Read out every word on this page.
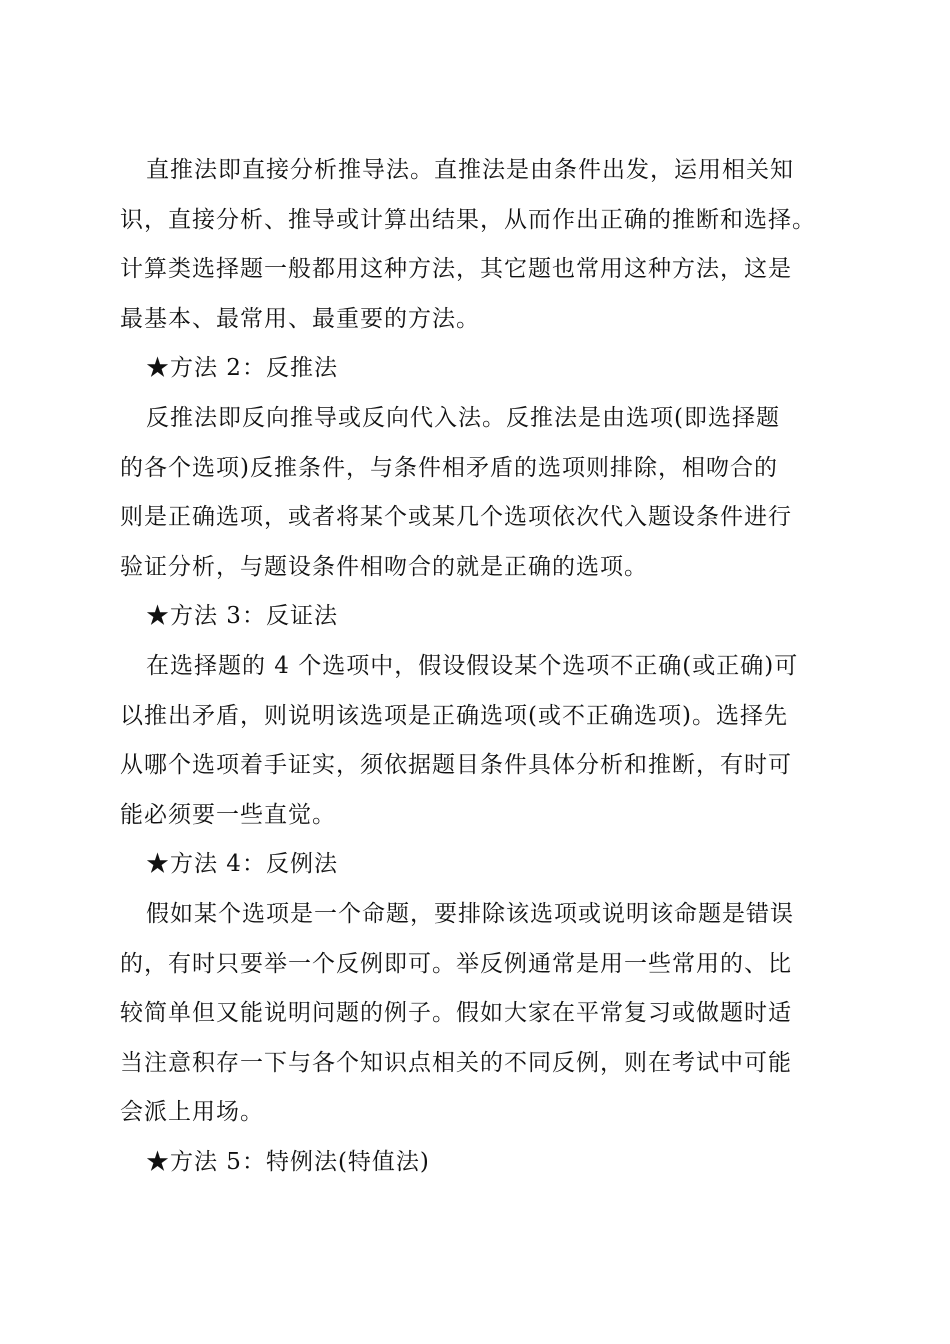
直推法即直接分析推导法。直推法是由条件出发，运用相关知
识，直接分析、推导或计算出结果，从而作出正确的推断和选择。
计算类选择题一般都用这种方法，其它题也常用这种方法，这是
最基本、最常用、最重要的方法。
★方法 2：反推法
反推法即反向推导或反向代入法。反推法是由选项(即选择题
的各个选项)反推条件，与条件相矛盾的选项则排除，相吻合的
则是正确选项，或者将某个或某几个选项依次代入题设条件进行
验证分析，与题设条件相吻合的就是正确的选项。
★方法 3：反证法
在选择题的 4 个选项中，假设假设某个选项不正确(或正确)可
以推出矛盾，则说明该选项是正确选项(或不正确选项)。选择先
从哪个选项着手证实，须依据题目条件具体分析和推断，有时可
能必须要一些直觉。
★方法 4：反例法
假如某个选项是一个命题，要排除该选项或说明该命题是错误
的，有时只要举一个反例即可。举反例通常是用一些常用的、比
较简单但又能说明问题的例子。假如大家在平常复习或做题时适
当注意积存一下与各个知识点相关的不同反例，则在考试中可能
会派上用场。
★方法 5：特例法(特值法)
